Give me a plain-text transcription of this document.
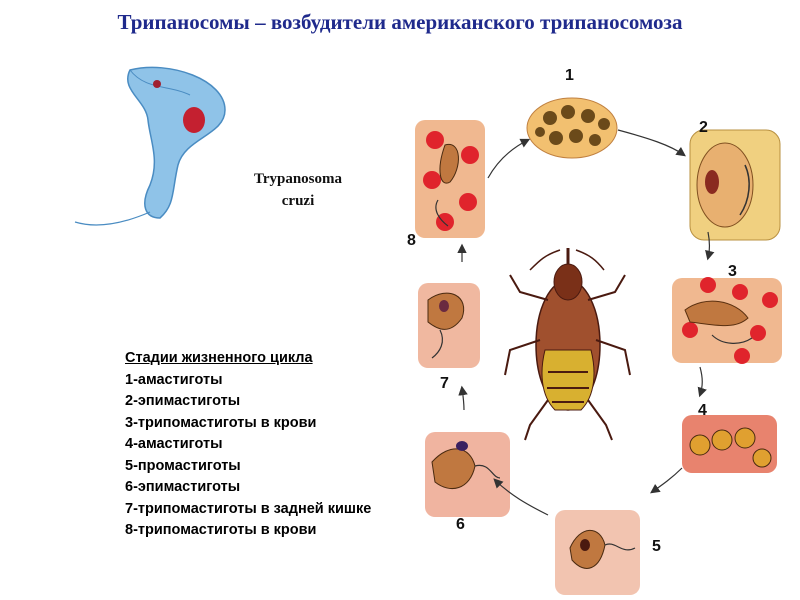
Трипаносомы – возбудители американского трипаносомоза
Trypanosoma
cruzi
1
2
3
4
5
6
7
8
Стадии жизненного цикла
1-амастиготы
2-эпимастиготы
3-трипомастиготы в крови
4-амастиготы
5-промастиготы
6-эпимастиготы
7-трипомастиготы в задней кишке
8-трипомастиготы в крови
